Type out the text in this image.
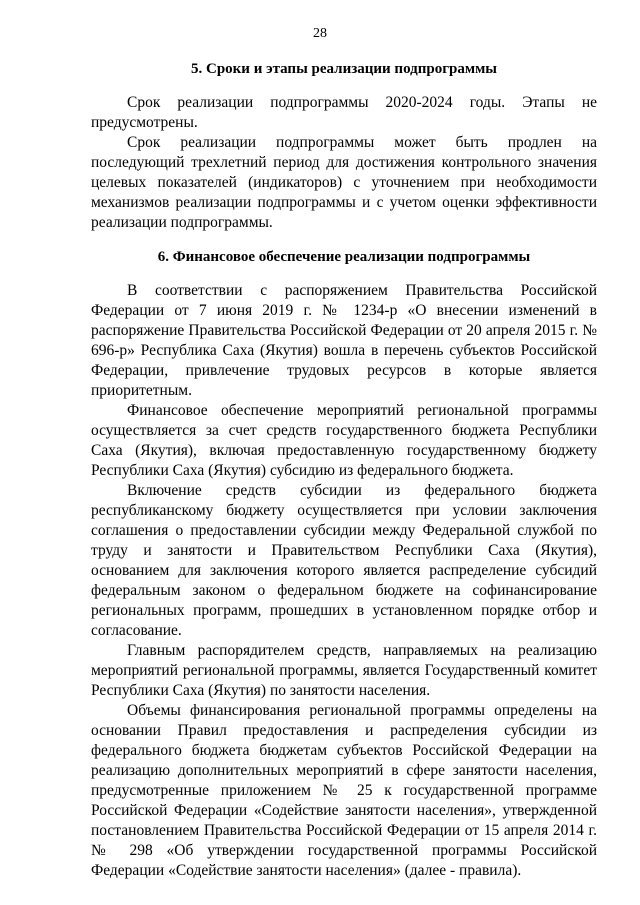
28
5. Сроки и этапы реализации подпрограммы

Срок реализации подпрограммы 2020-2024 годы. Этапы не предусмотрены.

Срок реализации подпрограммы может быть продлен на последующий трехлетний период для достижения контрольного значения целевых показателей (индикаторов) с уточнением при необходимости механизмов реализации подпрограммы и с учетом оценки эффективности реализации подпрограммы.

6. Финансовое обеспечение реализации подпрограммы

В соответствии с распоряжением Правительства Российской Федерации от 7 июня 2019 г. № 1234-р «О внесении изменений в распоряжение Правительства Российской Федерации от 20 апреля 2015 г. № 696-р» Республика Саха (Якутия) вошла в перечень субъектов Российской Федерации, привлечение трудовых ресурсов в которые является приоритетным.

Финансовое обеспечение мероприятий региональной программы осуществляется за счет средств государственного бюджета Республики Саха (Якутия), включая предоставленную государственному бюджету Республики Саха (Якутия) субсидию из федерального бюджета.

Включение средств субсидии из федерального бюджета республиканскому бюджету осуществляется при условии заключения соглашения о предоставлении субсидии между Федеральной службой по труду и занятости и Правительством Республики Саха (Якутия), основанием для заключения которого является распределение субсидий федеральным законом о федеральном бюджете на софинансирование региональных программ, прошедших в установленном порядке отбор и согласование.

Главным распорядителем средств, направляемых на реализацию мероприятий региональной программы, является Государственный комитет Республики Саха (Якутия) по занятости населения.

Объемы финансирования региональной программы определены на основании Правил предоставления и распределения субсидии из федерального бюджета бюджетам субъектов Российской Федерации на реализацию дополнительных мероприятий в сфере занятости населения, предусмотренные приложением № 25 к государственной программе Российской Федерации «Содействие занятости населения», утвержденной постановлением Правительства Российской Федерации от 15 апреля 2014 г. № 298 «Об утверждении государственной программы Российской Федерации «Содействие занятости населения» (далее - правила).
